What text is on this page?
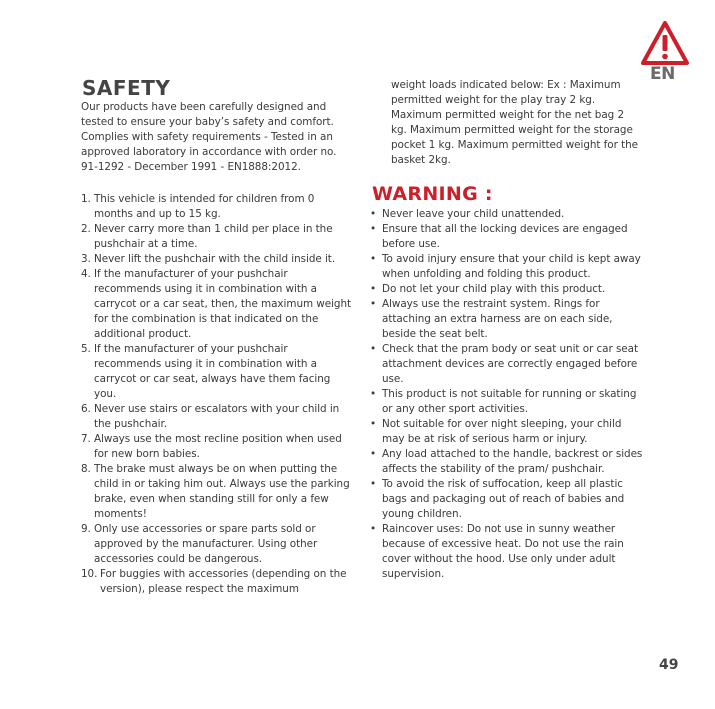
EN
SAFETY

Our products have been carefully designed and tested to ensure your baby’s safety and comfort. Complies with safety requirements - Tested in an approved laboratory in accordance with order no. 91-1292 - December 1991 - EN1888:2012.

1. This vehicle is intended for children from 0 months and up to 15 kg.
2. Never carry more than 1 child per place in the pushchair at a time.
3. Never lift the pushchair with the child inside it.
4. If the manufacturer of your pushchair recommends using it in combination with a carrycot or a car seat, then, the maximum weight for the combination is that indicated on the additional product.
5. If the manufacturer of your pushchair recommends using it in combination with a carrycot or car seat, always have them facing you.
6. Never use stairs or escalators with your child in the pushchair.
7. Always use the most recline position when used for new born babies.
8. The brake must always be on when putting the child in or taking him out. Always use the parking brake, even when standing still for only a few moments!
9. Only use accessories or spare parts sold or approved by the manufacturer. Using other accessories could be dangerous.
10. For buggies with accessories (depending on the version), please respect the maximum

weight loads indicated below: Ex : Maximum permitted weight for the play tray 2 kg. Maximum permitted weight for the net bag 2 kg. Maximum permitted weight for the storage pocket 1 kg. Maximum permitted weight for the basket 2kg.

WARNING :
• Never leave your child unattended.
• Ensure that all the locking devices are engaged before use.
• To avoid injury ensure that your child is kept away when unfolding and folding this product.
• Do not let your child play with this product.
• Always use the restraint system. Rings for attaching an extra harness are on each side, beside the seat belt.
• Check that the pram body or seat unit or car seat attachment devices are correctly engaged before use.
• This product is not suitable for running or skating or any other sport activities.
• Not suitable for over night sleeping, your child may be at risk of serious harm or injury.
• Any load attached to the handle, backrest or sides affects the stability of the pram/ pushchair.
• To avoid the risk of suffocation, keep all plastic bags and packaging out of reach of babies and young children.
• Raincover uses: Do not use in sunny weather because of excessive heat. Do not use the rain cover without the hood. Use only under adult supervision.
49
